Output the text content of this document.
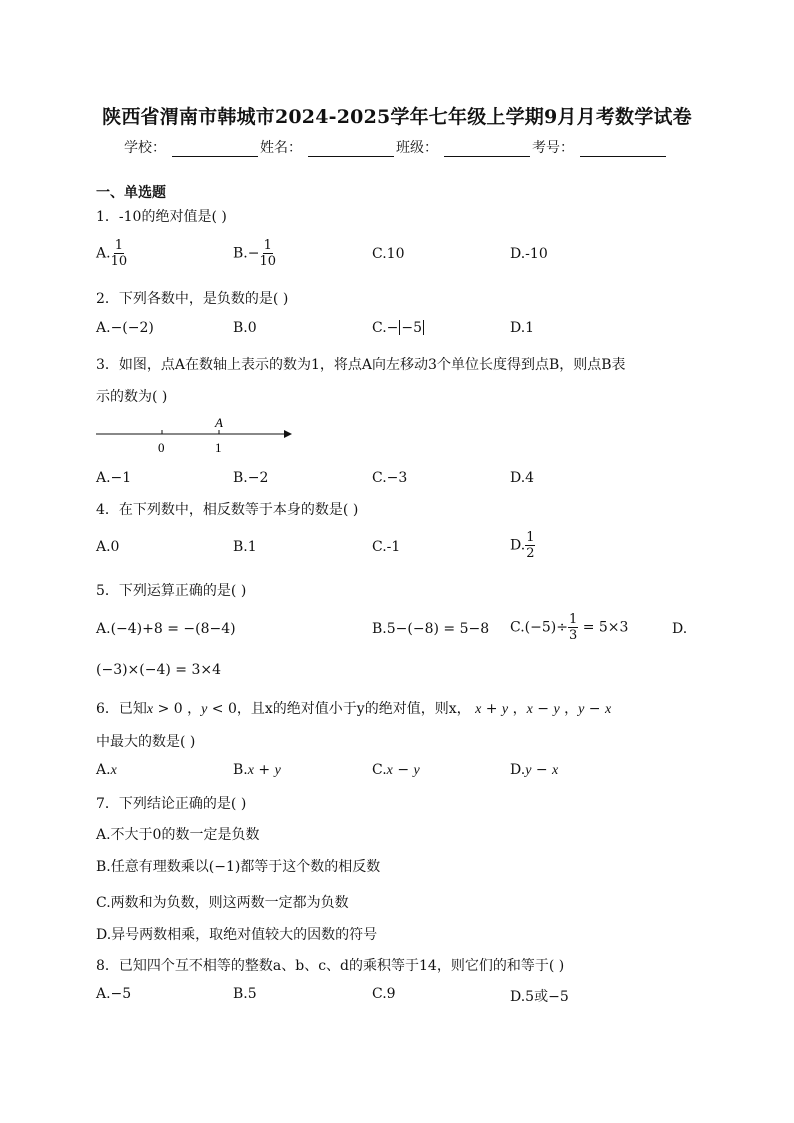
陕西省渭南市韩城市2024-2025学年七年级上学期9月月考数学试卷
学校：	姓名：	班级：	考号：
一、单选题
1．-10的绝对值是( )
A. $\frac{1}{10}$	$B.- \frac{1}{10}$	C.10	D.-10
2．下列各数中，是负数的是( )
A.−(−2)	B.0	C.− −5	D.1
3．如图，点A在数轴上表示的数为1，将点A向左移动3个单位长度得到点B，则点B表
示的数为( )
A
0	1
A.−1	B.−2	C.−3	D.4
4．在下列数中，相反数等于本身的数是( )
A.0	B.1	C.-1	D. $\frac{1}{2}$
5．下列运算正确的是( )
A.(−4)+8 = −(8−4)	B.5−(−8) = 5−8 $C.(-5)\div \frac{1}{3} = 5\times 3$	D.
(−3)×(−4) = 3×4
6．已知x > 0 ，y < 0，且x的绝对值小于y的绝对值，则x， x + y ，x − y ，y − x
中最大的数是( )
A.x	B.x + y	C.x − y	D.y − x
7．下列结论正确的是( )
A.不大于0的数一定是负数
B.任意有理数乘以(−1)都等于这个数的相反数
C.两数和为负数，则这两数一定都为负数
D.异号两数相乘，取绝对值较大的因数的符号
8．已知四个互不相等的整数a、b、c、d的乘积等于14，则它们的和等于( )
A.−5	B.5	C.9	D.5或−5
